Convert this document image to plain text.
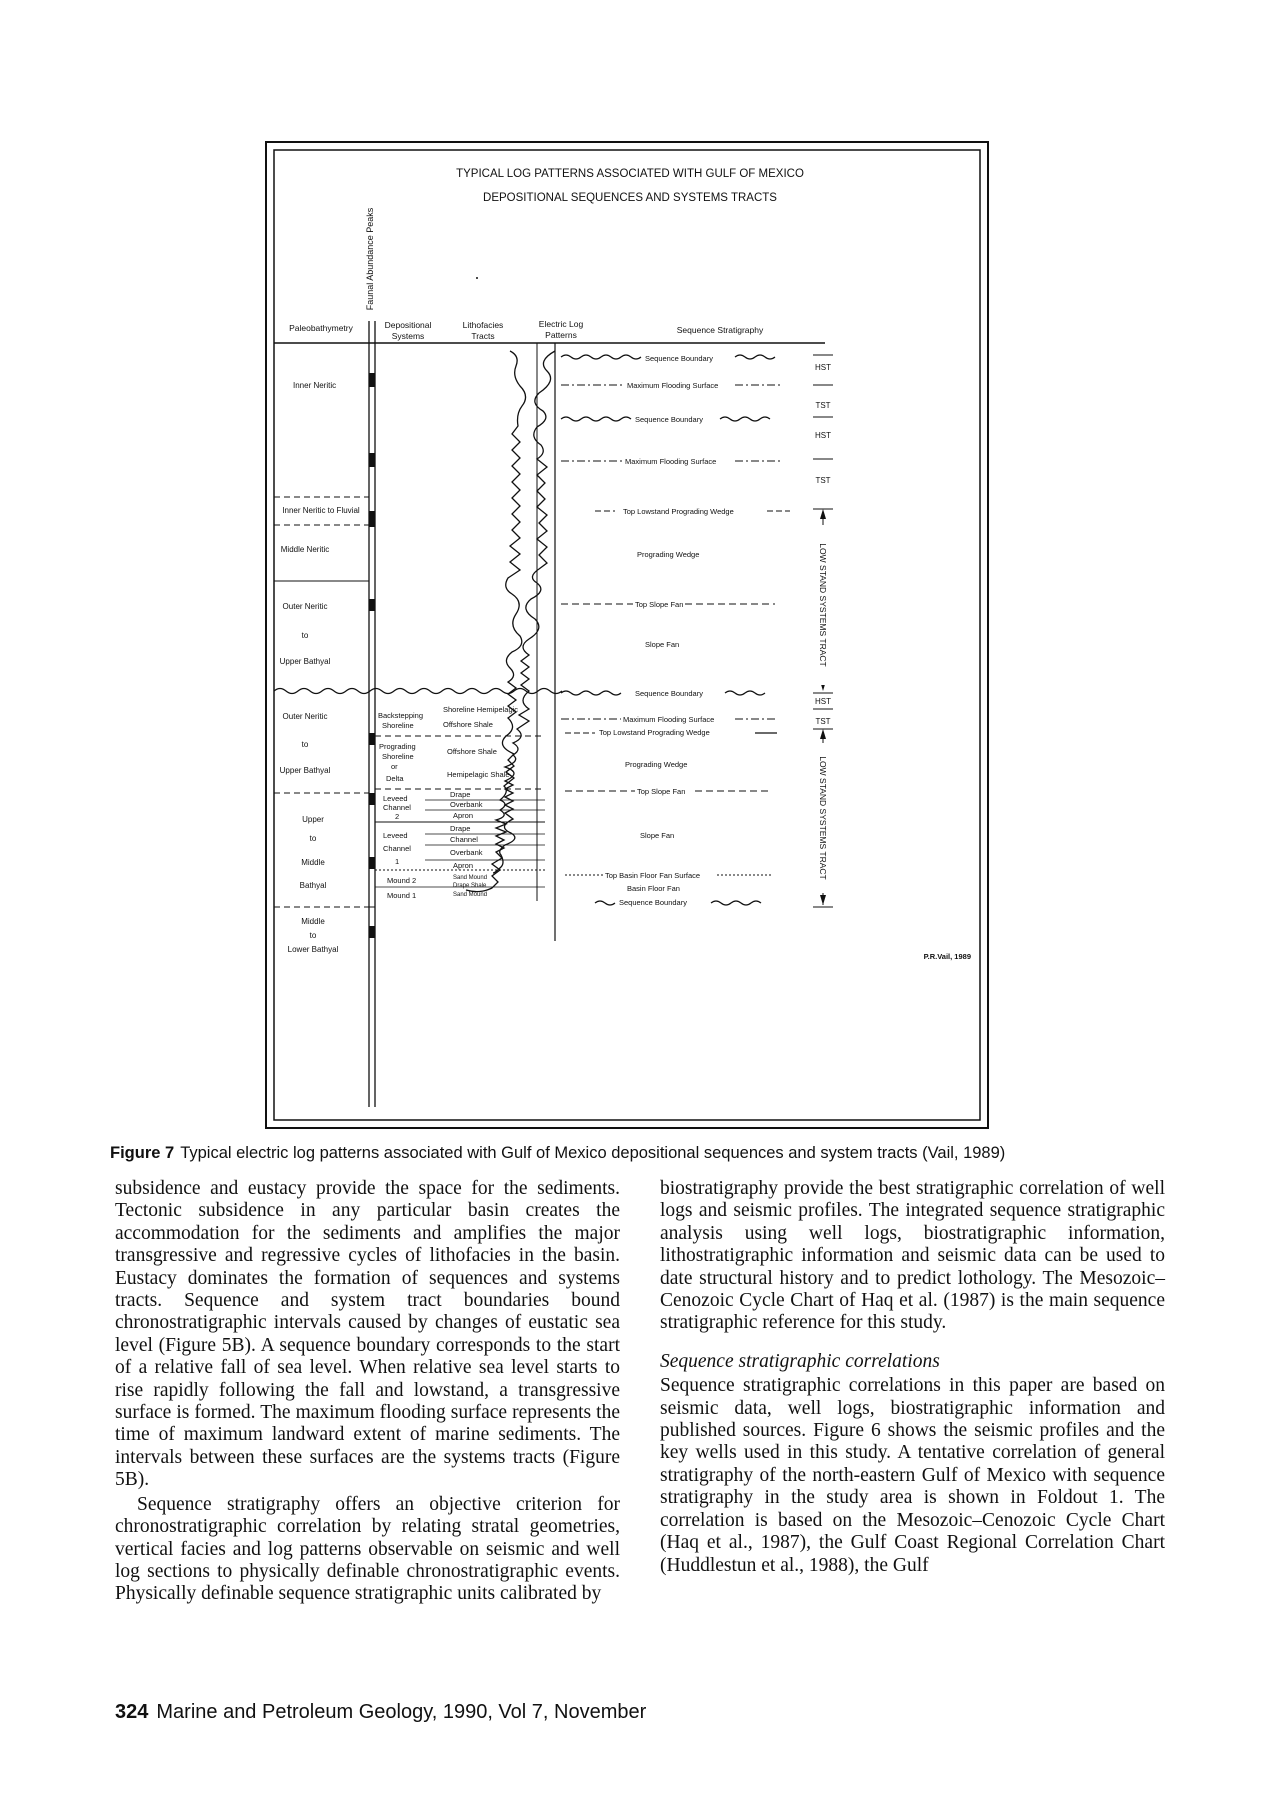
TYPICAL LOG PATTERNS ASSOCIATED WITH GULF OF MEXICO
DEPOSITIONAL SEQUENCES AND SYSTEMS TRACTS
Faunal Abundance Peaks
Paleobathymetry	Depositional
Systems
Lithofacies
Tracts
Electric Log
Patterns	Sequence Stratigraphy
Inner Neritic
Inner Neritic to Fluvial
Middle Neritic
Outer Neritic
to
Upper Bathyal
Outer Neritic
to
Upper Bathyal
Upper
to
Middle
Bathyal
Middle
to
Lower Bathyal
Backstepping
Shoreline
Prograding
Shoreline
or
Delta
Leveed
Channel
2
Leveed
Channel
1
Mound 2
Mound 1
Shoreline Hemipelagic
Offshore Shale
Offshore Shale
Hemipelagic Shale
Drape
Overbank
Apron
Drape
Channel
Overbank
Apron
Sand Mound
Drape Shale
Sand Mound
Sequence Boundary
Maximum Flooding Surface
Sequence Boundary
Maximum Flooding Surface
Top Lowstand Prograding Wedge
Prograding Wedge
Top Slope Fan
Slope Fan
Sequence Boundary
Maximum Flooding Surface
Top Lowstand Prograding Wedge
Prograding Wedge
Top Slope Fan
Slope Fan
Top Basin Floor Fan Surface
Basin Floor Fan
Sequence Boundary
HST
TST
HST
TST
LOW STAND SYSTEMS TRACT
HST
TST
LOW STAND SYSTEMS TRACT
P.R.Vail, 1989
Figure 7 Typical electric log patterns associated with Gulf of Mexico depositional sequences and system tracts (Vail, 1989)

subsidence and eustacy provide the space for the sediments. Tectonic subsidence in any particular basin creates the accommodation for the sediments and amplifies the major transgressive and regressive cycles of lithofacies in the basin. Eustacy dominates the formation of sequences and systems tracts. Sequence and system tract boundaries bound chronostratigraphic intervals caused by changes of eustatic sea level (Figure 5B). A sequence boundary corresponds to the start of a relative fall of sea level. When relative sea level starts to rise rapidly following the fall and lowstand, a transgressive surface is formed. The maximum flooding surface represents the time of maximum landward extent of marine sediments. The intervals between these surfaces are the systems tracts (Figure 5B).

Sequence stratigraphy offers an objective criterion for chronostratigraphic correlation by relating stratal geometries, vertical facies and log patterns observable on seismic and well log sections to physically definable chronostratigraphic events. Physically definable sequence stratigraphic units calibrated by

biostratigraphy provide the best stratigraphic correlation of well logs and seismic profiles. The integrated sequence stratigraphic analysis using well logs, biostratigraphic information, lithostratigraphic information and seismic data can be used to date structural history and to predict lothology. The Mesozoic–Cenozoic Cycle Chart of Haq et al. (1987) is the main sequence stratigraphic reference for this study.

Sequence stratigraphic correlations

Sequence stratigraphic correlations in this paper are based on seismic data, well logs, biostratigraphic information and published sources. Figure 6 shows the seismic profiles and the key wells used in this study. A tentative correlation of general stratigraphy of the north-eastern Gulf of Mexico with sequence stratigraphy in the study area is shown in Foldout 1. The correlation is based on the Mesozoic–Cenozoic Cycle Chart (Haq et al., 1987), the Gulf Coast Regional Correlation Chart (Huddlestun et al., 1988), the Gulf

324 Marine and Petroleum Geology, 1990, Vol 7, November
